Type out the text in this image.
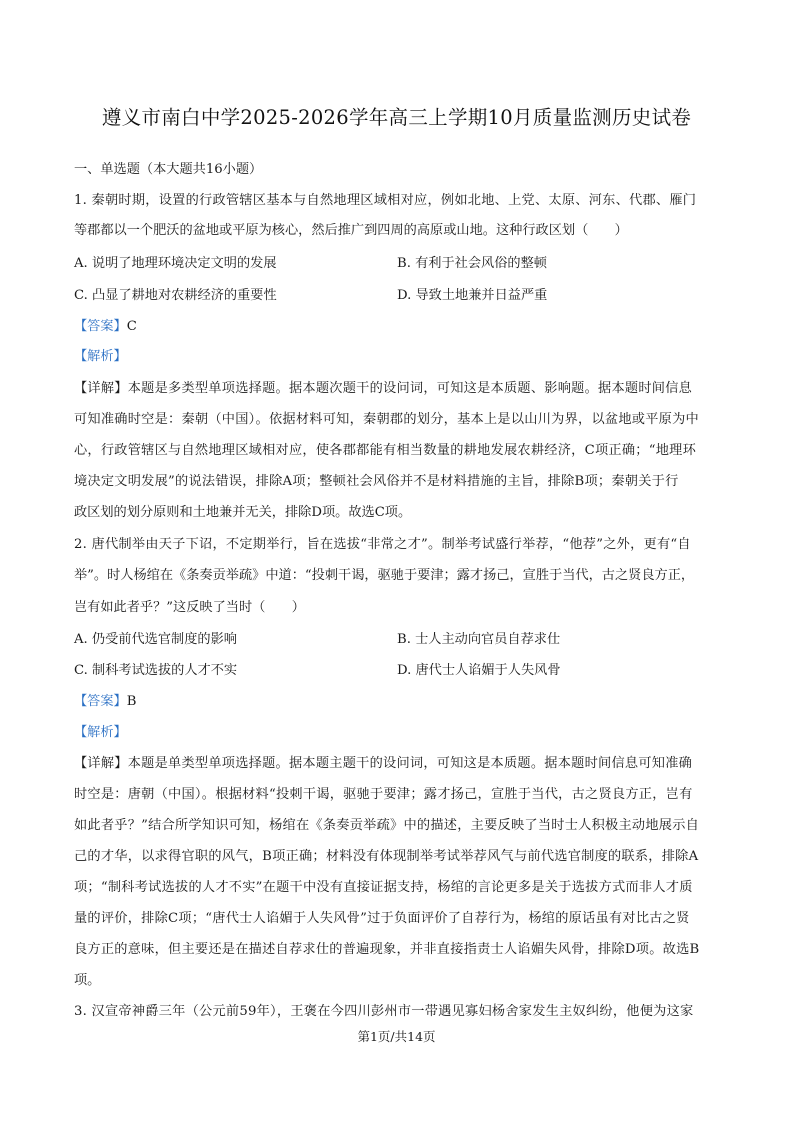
遵义市南白中学2025-2026学年高三上学期10月质量监测历史试卷
一、单选题（本大题共16小题）
1. 秦朝时期，设置的行政管辖区基本与自然地理区域相对应，例如北地、上党、太原、河东、代郡、雁门
等郡都以一个肥沃的盆地或平原为核心，然后推广到四周的高原或山地。这种行政区划（　　）
A. 说明了地理环境决定文明的发展	B. 有利于社会风俗的整顿
C. 凸显了耕地对农耕经济的重要性	D. 导致土地兼并日益严重
【答案】C
【解析】
【详解】本题是多类型单项选择题。据本题次题干的设问词，可知这是本质题、影响题。据本题时间信息
可知准确时空是：秦朝（中国）。依据材料可知，秦朝郡的划分，基本上是以山川为界，以盆地或平原为中
心，行政管辖区与自然地理区域相对应，使各郡都能有相当数量的耕地发展农耕经济，C项正确；“地理环
境决定文明发展”的说法错误，排除A项；整顿社会风俗并不是材料措施的主旨，排除B项；秦朝关于行
政区划的划分原则和土地兼并无关，排除D项。故选C项。
2. 唐代制举由天子下诏，不定期举行，旨在选拔“非常之才”。制举考试盛行举荐，“他荐”之外，更有“自
举”。时人杨绾在《条奏贡举疏》中道：“投刺干谒，驱驰于要津；露才扬己，宣胜于当代，古之贤良方正，
岂有如此者乎？”这反映了当时（　　）
A. 仍受前代选官制度的影响	B. 士人主动向官员自荐求仕
C. 制科考试选拔的人才不实	D. 唐代士人谄媚于人失风骨
【答案】B
【解析】
【详解】本题是单类型单项选择题。据本题主题干的设问词，可知这是本质题。据本题时间信息可知准确
时空是：唐朝（中国）。根据材料“投刺干谒，驱驰于要津；露才扬己，宣胜于当代，古之贤良方正，岂有
如此者乎？”结合所学知识可知，杨绾在《条奏贡举疏》中的描述，主要反映了当时士人积极主动地展示自
己的才华，以求得官职的风气，B项正确；材料没有体现制举考试举荐风气与前代选官制度的联系，排除A
项；“制科考试选拔的人才不实”在题干中没有直接证据支持，杨绾的言论更多是关于选拔方式而非人才质
量的评价，排除C项；“唐代士人谄媚于人失风骨”过于负面评价了自荐行为，杨绾的原话虽有对比古之贤
良方正的意味，但主要还是在描述自荐求仕的普遍现象，并非直接指责士人谄媚失风骨，排除D项。故选B
项。
3. 汉宣帝神爵三年（公元前59年），王褒在今四川彭州市一带遇见寡妇杨舍家发生主奴纠纷，他便为这家
第1页/共14页
